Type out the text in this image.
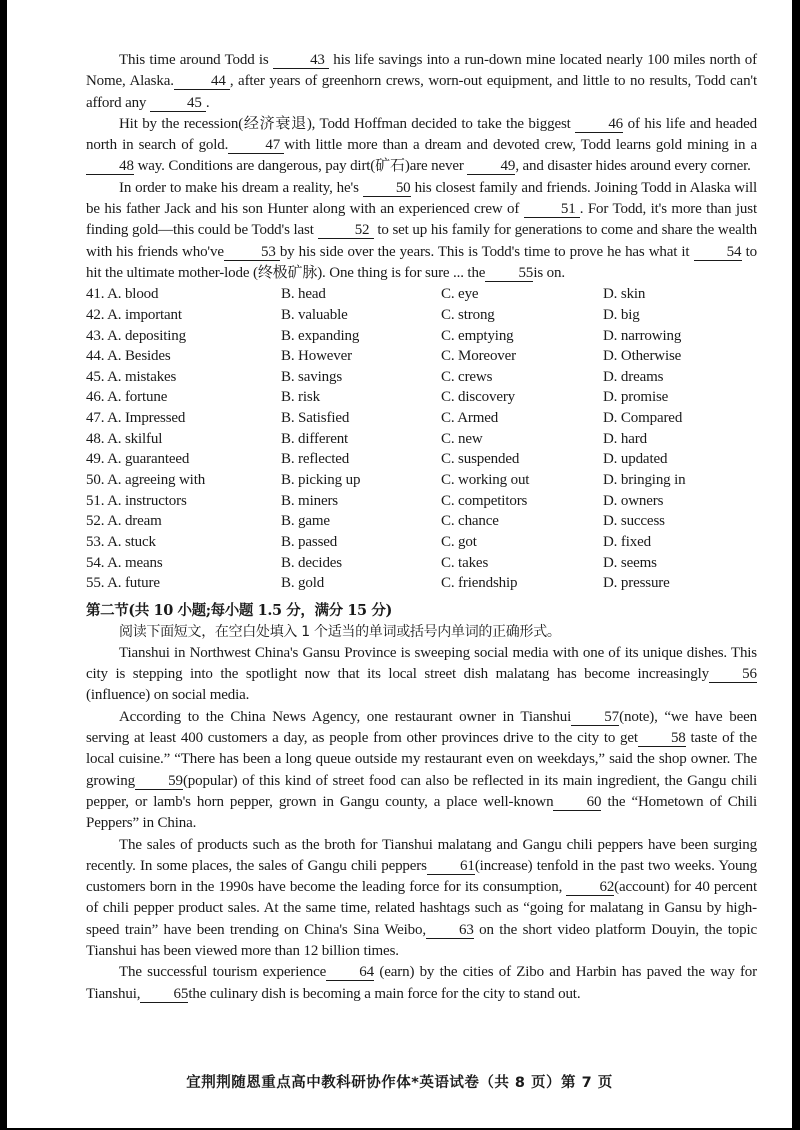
This time around Todd is 43 his life savings into a run-down mine located nearly 100 miles north of Nome, Alaska. 44 , after years of greenhorn crews, worn-out equipment, and little to no results, Todd can't afford any 45 .

Hit by the recession(经济衰退), Todd Hoffman decided to take the biggest 46 of his life and headed north in search of gold. 47 with little more than a dream and devoted crew, Todd learns gold mining in a48 way. Conditions are dangerous, pay dirt(矿石)are never 49, and disaster hides around every corner.

In order to make his dream a reality, he's 50 his closest family and friends. Joining Todd in Alaska will be his father Jack and his son Hunter along with an experienced crew of 51 . For Todd, it's more than just finding gold—this could be Todd's last 52 to set up his family for generations to come and share the wealth with his friends who've 53 by his side over the years. This is Todd's time to prove he has what it 54 to hit the ultimate mother-lode (终极矿脉). One thing is for sure ... the 55is on.

41. A. blood	B. head	C. eye	D. skin
42. A. important	B. valuable	C. strong	D. big
43. A. depositing	B. expanding	C. emptying	D. narrowing
44. A. Besides	B. However	C. Moreover	D. Otherwise
45. A. mistakes	B. savings	C. crews	D. dreams
46. A. fortune	B. risk	C. discovery	D. promise
47. A. Impressed	B. Satisfied	C. Armed	D. Compared
48. A. skilful	B. different	C. new	D. hard
49. A. guaranteed	B. reflected	C. suspended	D. updated
50. A. agreeing with	B. picking up	C. working out	D. bringing in
51. A. instructors	B. miners	C. competitors	D. owners
52. A. dream	B. game	C. chance	D. success
53. A. stuck	B. passed	C. got	D. fixed
54. A. means	B. decides	C. takes	D. seems
55. A. future	B. gold	C. friendship	D. pressure
第二节(共 10 小题;每小题 1.5 分，满分 15 分)
阅读下面短文，在空白处填入 1 个适当的单词或括号内单词的正确形式。

Tianshui in Northwest China's Gansu Province is sweeping social media with one of its unique dishes. This city is stepping into the spotlight now that its local street dish malatang has become increasingly 56(influence) on social media.

According to the China News Agency, one restaurant owner in Tianshui 57(note), “we have been serving at least 400 customers a day, as people from other provinces drive to the city to get 58 taste of the local cuisine.” “There has been a long queue outside my restaurant even on weekdays,” said the shop owner. The growing 59(popular) of this kind of street food can also be reflected in its main ingredient, the Gangu chili pepper, or lamb's horn pepper, grown in Gangu county, a place well-known 60 the “Hometown of Chili Peppers” in China.

The sales of products such as the broth for Tianshui malatang and Gangu chili peppers have been surging recently. In some places, the sales of Gangu chili peppers 61(increase) tenfold in the past two weeks. Young customers born in the 1990s have become the leading force for its consumption, 62(account) for 40 percent of chili pepper product sales. At the same time, related hashtags such as “going for malatang in Gansu by high-speed train” have been trending on China's Sina Weibo, 63 on the short video platform Douyin, the topic Tianshui has been viewed more than 12 billion times.

The successful tourism experience 64 (earn) by the cities of Zibo and Harbin has paved the way for Tianshui, 65the culinary dish is becoming a main force for the city to stand out.

宜荆荆随恩重点高中教科研协作体*英语试卷（共 8 页）第 7 页
